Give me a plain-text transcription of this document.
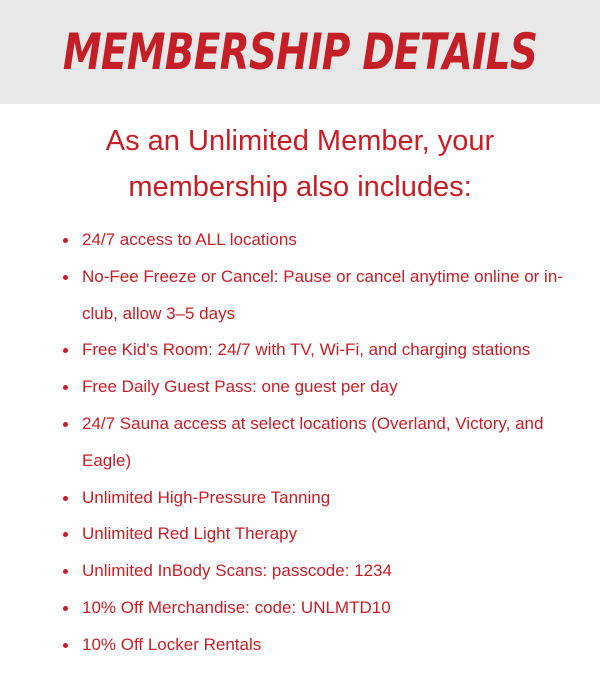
MEMBERSHIP DETAILS

As an Unlimited Member, your
membership also includes:

24/7 access to ALL locations
No-Fee Freeze or Cancel: Pause or cancel anytime online or in-club, allow 3–5 days
Free Kid's Room: 24/7 with TV, Wi-Fi, and charging stations
Free Daily Guest Pass: one guest per day
24/7 Sauna access at select locations (Overland, Victory, and Eagle)
Unlimited High-Pressure Tanning
Unlimited Red Light Therapy
Unlimited InBody Scans: passcode: 1234
10% Off Merchandise: code: UNLMTD10
10% Off Locker Rentals
